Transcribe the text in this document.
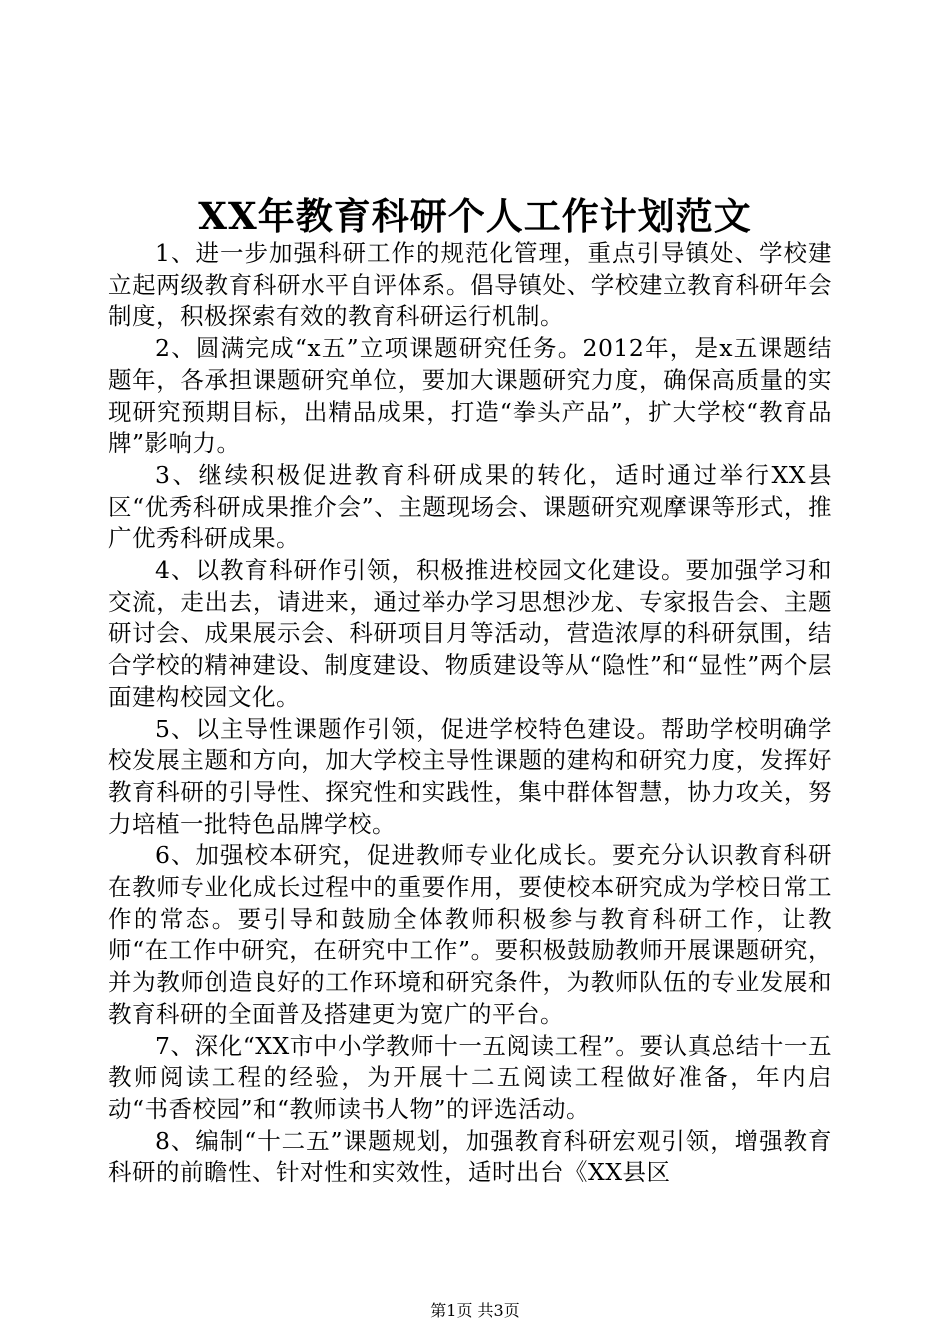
XX年教育科研个人工作计划范文

1、进一步加强科研工作的规范化管理，重点引导镇处、学校建立起两级教育科研水平自评体系。倡导镇处、学校建立教育科研年会制度，积极探索有效的教育科研运行机制。

2、圆满完成“x五”立项课题研究任务。2012年，是x五课题结题年，各承担课题研究单位，要加大课题研究力度，确保高质量的实现研究预期目标，出精品成果，打造“拳头产品”，扩大学校“教育品牌”影响力。

3、继续积极促进教育科研成果的转化，适时通过举行XX县区“优秀科研成果推介会”、主题现场会、课题研究观摩课等形式，推广优秀科研成果。

4、以教育科研作引领，积极推进校园文化建设。要加强学习和交流，走出去，请进来，通过举办学习思想沙龙、专家报告会、主题研讨会、成果展示会、科研项目月等活动，营造浓厚的科研氛围，结合学校的精神建设、制度建设、物质建设等从“隐性”和“显性”两个层面建构校园文化。

5、以主导性课题作引领，促进学校特色建设。帮助学校明确学校发展主题和方向，加大学校主导性课题的建构和研究力度，发挥好教育科研的引导性、探究性和实践性，集中群体智慧，协力攻关，努力培植一批特色品牌学校。

6、加强校本研究，促进教师专业化成长。要充分认识教育科研在教师专业化成长过程中的重要作用，要使校本研究成为学校日常工作的常态。要引导和鼓励全体教师积极参与教育科研工作，让教师“在工作中研究，在研究中工作”。要积极鼓励教师开展课题研究，并为教师创造良好的工作环境和研究条件，为教师队伍的专业发展和教育科研的全面普及搭建更为宽广的平台。

7、深化“XX市中小学教师十一五阅读工程”。要认真总结十一五教师阅读工程的经验，为开展十二五阅读工程做好准备，年内启动“书香校园”和“教师读书人物”的评选活动。

8、编制“十二五”课题规划，加强教育科研宏观引领，增强教育科研的前瞻性、针对性和实效性，适时出台《XX县区

第1页 共3页
